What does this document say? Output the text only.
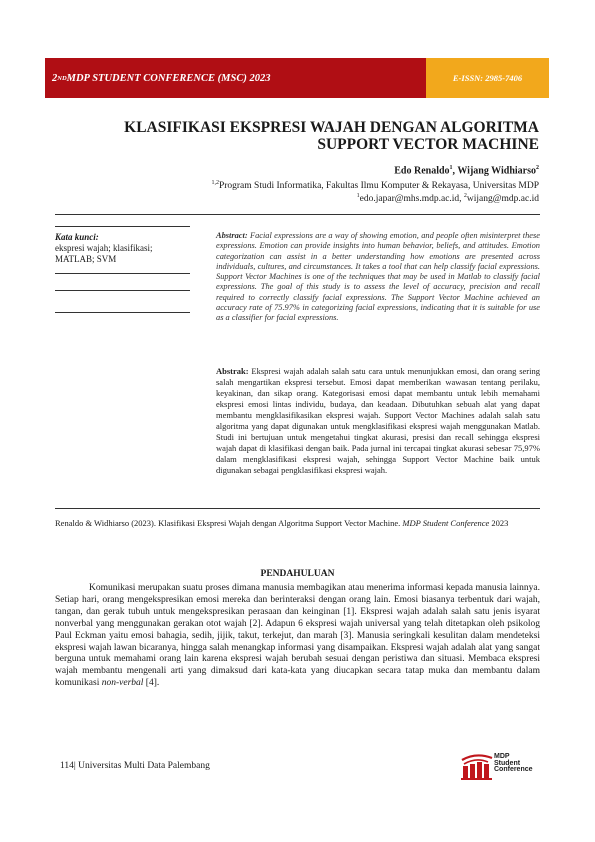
2 ND MDP STUDENT CONFERENCE (MSC) 2023	E-ISSN: 2985-7406
KLASIFIKASI EKSPRESI WAJAH DENGAN ALGORITMA
SUPPORT VECTOR MACHINE
Edo Renaldo$^1$, Wijang Widhiarso$^2$
$^{1,2}$Program Studi Informatika, Fakultas Ilmu Komputer & Rekayasa, Universitas MDP
$^1$edo.japar@mhs.mdp.ac.id, $^2$wijang@mdp.ac.id
Kata kunci:
ekspresi wajah; klasifikasi; MATLAB; SVM
Abstract: Facial expressions are a way of showing emotion, and people often misinterpret these expressions. Emotion can provide insights into human behavior, beliefs, and attitudes. Emotion categorization can assist in a better understanding how emotions are presented across individuals, cultures, and circumstances. It takes a tool that can help classify facial expressions. Support Vector Machines is one of the techniques that may be used in Matlab to classify facial expressions. The goal of this study is to assess the level of accuracy, precision and recall required to correctly classify facial expressions. The Support Vector Machine achieved an accuracy rate of 75.97% in categorizing facial expressions, indicating that it is suitable for use as a classifier for facial expressions.
Abstrak: Ekspresi wajah adalah salah satu cara untuk menunjukkan emosi, dan orang sering salah mengartikan ekspresi tersebut. Emosi dapat memberikan wawasan tentang perilaku, keyakinan, dan sikap orang. Kategorisasi emosi dapat membantu untuk lebih memahami ekspresi emosi lintas individu, budaya, dan keadaan. Dibutuhkan sebuah alat yang dapat membantu mengklasifikasikan ekspresi wajah. Support Vector Machines adalah salah satu algoritma yang dapat digunakan untuk mengklasifikasi ekspresi wajah menggunakan Matlab. Studi ini bertujuan untuk mengetahui tingkat akurasi, presisi dan recall sehingga ekspresi wajah dapat di klasifikasi dengan baik. Pada jurnal ini tercapai tingkat akurasi sebesar 75,97% dalam mengklasifikasi ekspresi wajah, sehingga Support Vector Machine baik untuk digunakan sebagai pengklasifikasi ekspresi wajah.
Renaldo & Widhiarso (2023). Klasifikasi Ekspresi Wajah dengan Algoritma Support Vector Machine. MDP Student Conference 2023
PENDAHULUAN

Komunikasi merupakan suatu proses dimana manusia membagikan atau menerima informasi kepada manusia lainnya. Setiap hari, orang mengekspresikan emosi mereka dan berinteraksi dengan orang lain. Emosi biasanya terbentuk dari wajah, tangan, dan gerak tubuh untuk mengekspresikan perasaan dan keinginan [1]. Ekspresi wajah adalah salah satu jenis isyarat nonverbal yang menggunakan gerakan otot wajah [2]. Adapun 6 ekspresi wajah universal yang telah ditetapkan oleh psikolog Paul Eckman yaitu emosi bahagia, sedih, jijik, takut, terkejut, dan marah [3]. Manusia seringkali kesulitan dalam mendeteksi ekspresi wajah lawan bicaranya, hingga salah menangkap informasi yang disampaikan. Ekspresi wajah adalah alat yang sangat berguna untuk memahami orang lain karena ekspresi wajah berubah sesuai dengan peristiwa dan situasi. Membaca ekspresi wajah membantu mengenali arti yang dimaksud dari kata-kata yang diucapkan secara tatap muka dan membantu dalam komunikasi non-verbal [4].

114| Universitas Multi Data Palembang
MDP
Student
Conference
